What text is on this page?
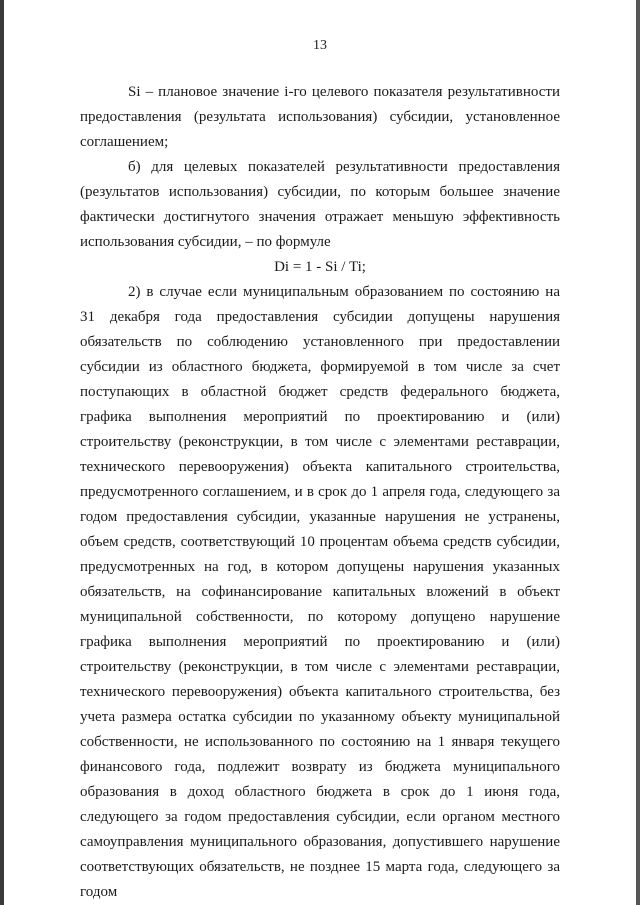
13

Si – плановое значение i-го целевого показателя результативности предоставления (результата использования) субсидии, установленное соглашением;

б) для целевых показателей результативности предоставления (результатов использования) субсидии, по которым большее значение фактически достигнутого значения отражает меньшую эффективность использования субсидии, – по формуле

Di = 1 - Si / Ti;

2) в случае если муниципальным образованием по состоянию на 31 декабря года предоставления субсидии допущены нарушения обязательств по соблюдению установленного при предоставлении субсидии из областного бюджета, формируемой в том числе за счет поступающих в областной бюджет средств федерального бюджета, графика выполнения мероприятий по проектированию и (или) строительству (реконструкции, в том числе с элементами реставрации, технического перевооружения) объекта капитального строительства, предусмотренного соглашением, и в срок до 1 апреля года, следующего за годом предоставления субсидии, указанные нарушения не устранены, объем средств, соответствующий 10 процентам объема средств субсидии, предусмотренных на год, в котором допущены нарушения указанных обязательств, на софинансирование капитальных вложений в объект муниципальной собственности, по которому допущено нарушение графика выполнения мероприятий по проектированию и (или) строительству (реконструкции, в том числе с элементами реставрации, технического перевооружения) объекта капитального строительства, без учета размера остатка субсидии по указанному объекту муниципальной собственности, не использованного по состоянию на 1 января текущего финансового года, подлежит возврату из бюджета муниципального образования в доход областного бюджета в срок до 1 июня года, следующего за годом предоставления субсидии, если органом местного самоуправления муниципального образования, допустившего нарушение соответствующих обязательств, не позднее 15 марта года, следующего за годом
